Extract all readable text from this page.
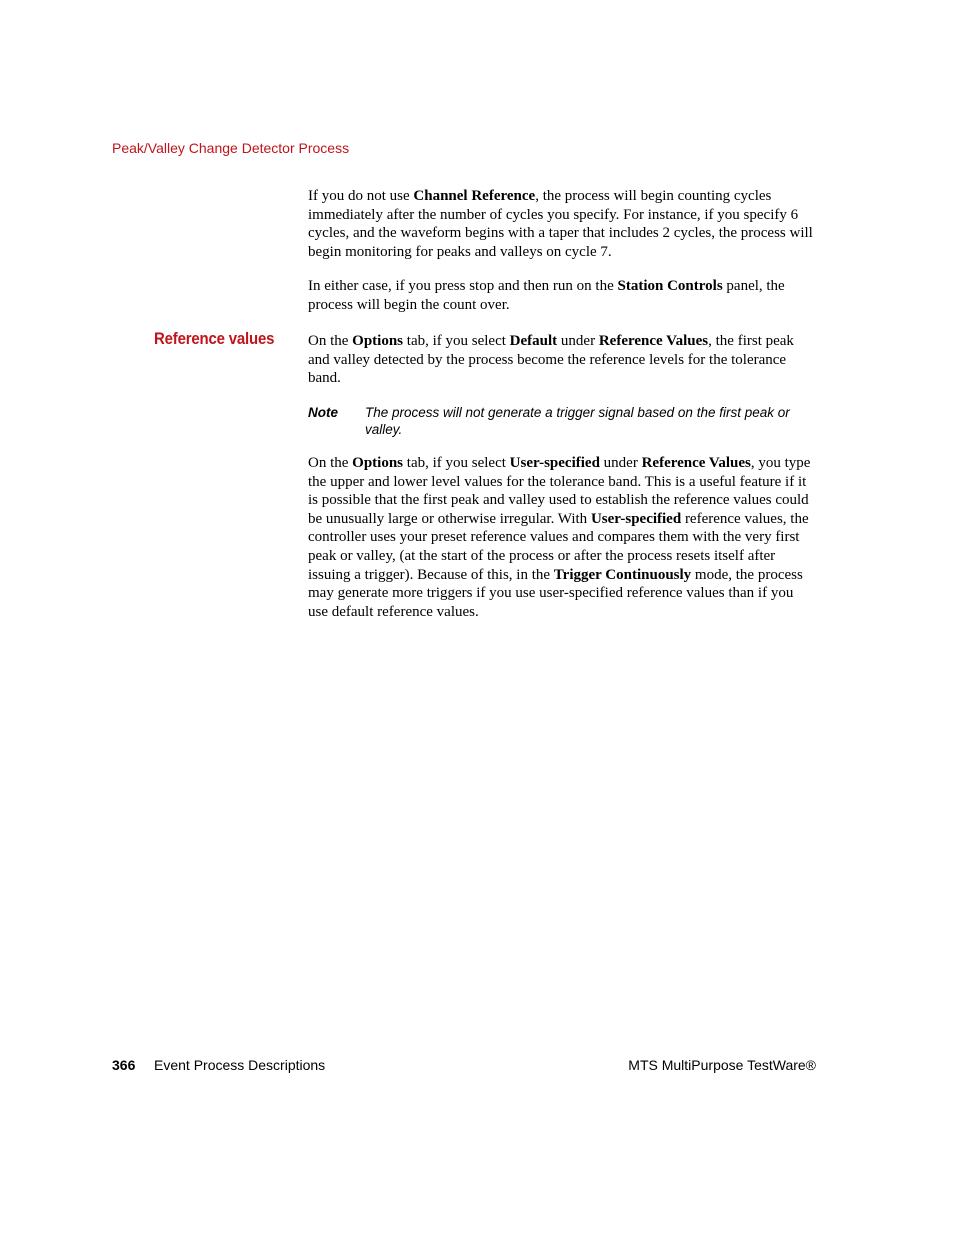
Peak/Valley Change Detector Process

If you do not use Channel Reference, the process will begin counting cycles immediately after the number of cycles you specify. For instance, if you specify 6 cycles, and the waveform begins with a taper that includes 2 cycles, the process will begin monitoring for peaks and valleys on cycle 7.

In either case, if you press stop and then run on the Station Controls panel, the process will begin the count over.

Reference values On the Options tab, if you select Default under Reference Values, the first peak and valley detected by the process become the reference levels for the tolerance band.

Note The process will not generate a trigger signal based on the first peak or valley.

On the Options tab, if you select User-specified under Reference Values, you type the upper and lower level values for the tolerance band. This is a useful feature if it is possible that the first peak and valley used to establish the reference values could be unusually large or otherwise irregular. With User-specified reference values, the controller uses your preset reference values and compares them with the very first peak or valley, (at the start of the process or after the process resets itself after issuing a trigger). Because of this, in the Trigger Continuously mode, the process may generate more triggers if you use user-specified reference values than if you use default reference values.

366 Event Process Descriptions	MTS MultiPurpose TestWare®
